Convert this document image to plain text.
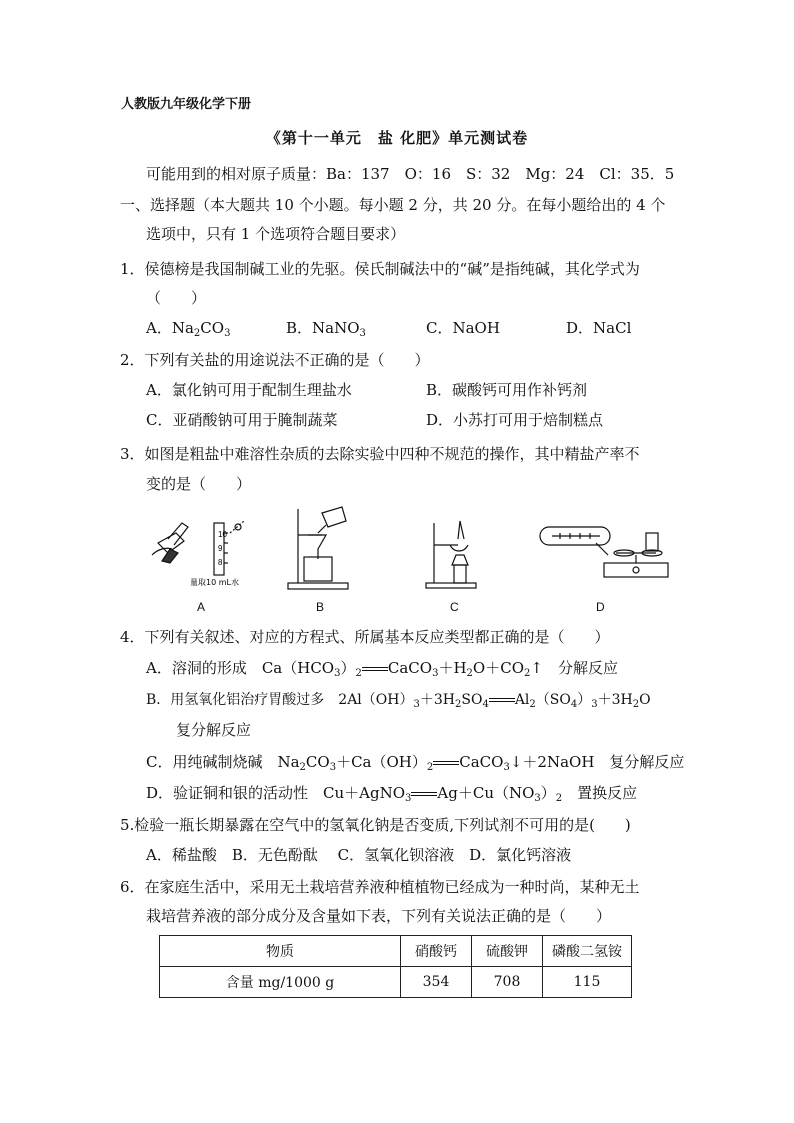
人教版九年级化学下册
《第十一单元　盐 化肥》单元测试卷
可能用到的相对原子质量：Ba：137　O：16　S：32　Mg：24　Cl：35．5
一、选择题（本大题共 10 个小题。每小题 2 分，共 20 分。在每小题给出的 4 个
选项中，只有 1 个选项符合题目要求）
1．侯德榜是我国制碱工业的先驱。侯氏制碱法中的“碱”是指纯碱，其化学式为
（　　）
A．$Na_2CO_3$	B．NaNO$_3$	C．NaOH	D．NaCl
2．下列有关盐的用途说法不正确的是（　　）
A．氯化钠可用于配制生理盐水	B．碳酸钙可用作补钙剂
C．亚硝酸钠可用于腌制蔬菜	D．小苏打可用于焙制糕点
3．如图是粗盐中难溶性杂质的去除实验中四种不规范的操作，其中精盐产率不
变的是（　　）
10
9
8
量取10 mL水
A	B	C	D
4．下列有关叙述、对应的方程式、所属基本反应类型都正确的是（　　）
A．溶洞的形成　$Ca(HCO_3)_2$ $CaCO_3+H_2O+CO_2↑$　分解反应
B．用氢氧化铝治疗胃酸过多　$2Al(OH)_3+3H_2SO_4$ $Al_2(SO_4)_3+3H_2O$
复分解反应
C．用纯碱制烧碱　$Na_2CO_3+Ca(OH)_2$ CaCO$_3$↓＋2NaOH　复分解反应
D．验证铜和银的活动性　Cu＋AgNO$_3$ $Ag+Cu(NO_3)_2$　置换反应
5.检验一瓶长期暴露在空气中的氢氧化钠是否变质,下列试剂不可用的是(　　)
A．稀盐酸　B．无色酚酞　 C．氢氧化钡溶液　D．氯化钙溶液
6．在家庭生活中，采用无土栽培营养液种植植物已经成为一种时尚，某种无土
栽培营养液的部分成分及含量如下表，下列有关说法正确的是（　　）
物质	硝酸钙	硫酸钾	磷酸二氢铵
含量 mg/1000 g	354	708	115
